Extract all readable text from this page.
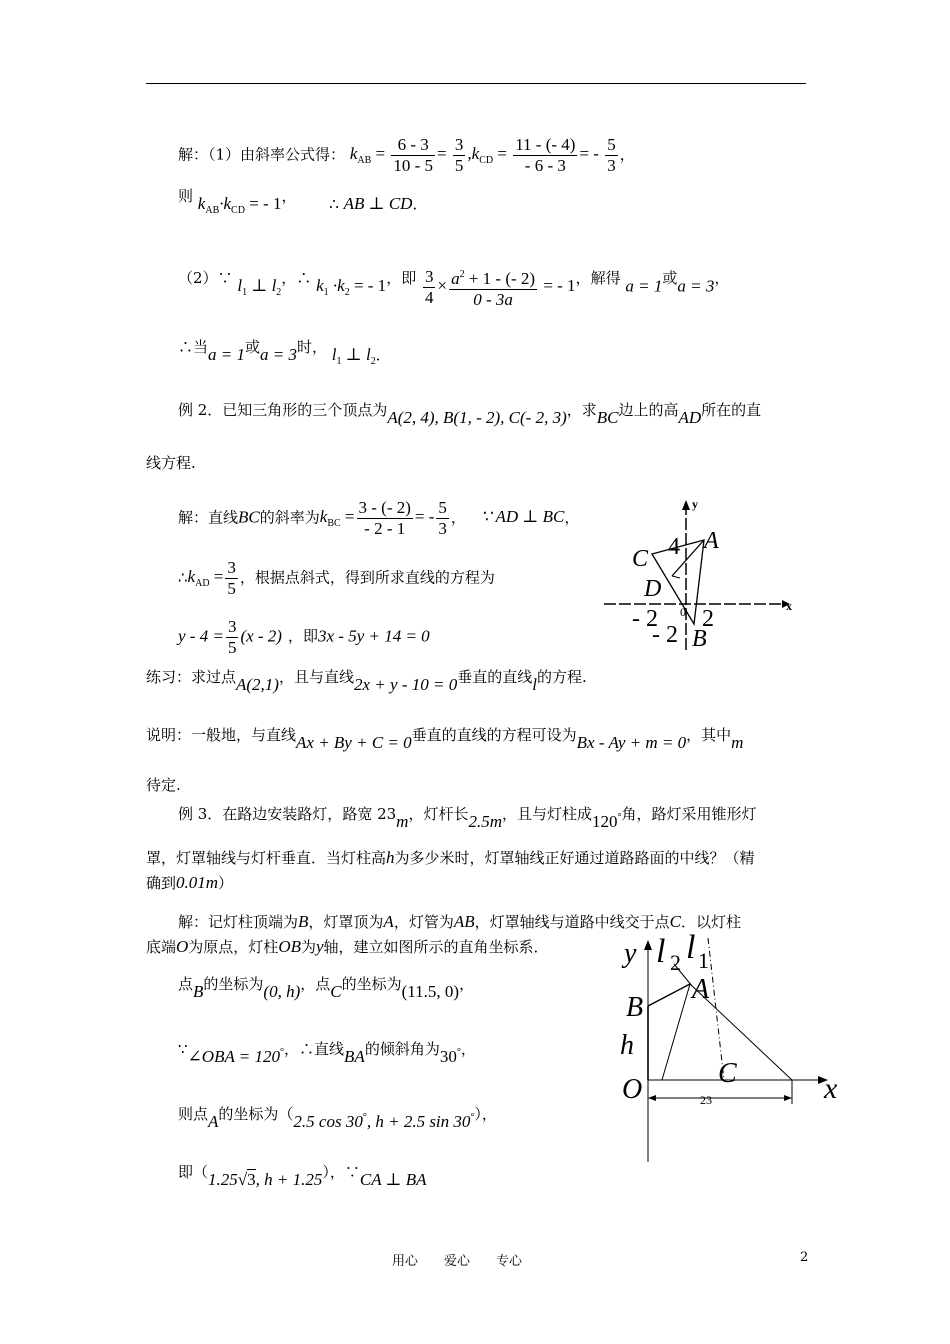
解：（1）由斜率公式得： $k_{AB} = \frac{6 - 3}{10 - 5} = \frac{3}{5} ,k_{CD} = \frac{11 - (- 4)}{- 6 - 3}$ = - $\frac{5}{3}$ ，
则 $k_{AB}\cdot k_{CD}$ = - 1， ∴ AB ⊥ CD．
（2）∵ $l_1$ ⊥ $l_2$，∴ $k_1 \cdot k_2$ = - 1，即 $\frac{3}{4} \times \frac{a^2 + 1 - (- 2)}{0 - 3a}$ = - 1，解得 a = 1或a = 3，
∴当a = 1或a = 3时， $l_1$ ⊥ $l_2$．
例 2．已知三角形的三个顶点为A(2, 4), B(1, - 2), C(- 2, 3)，求BC边上的高AD所在的直
线方程.
解：直线BC的斜率为$k_{BC} = \frac{3 - (- 2)}{- 2 - 1}$ = - $\frac{5}{3}$ ， ∵ AD ⊥ BC，
$\therefore k_{AD} = \frac{3}{5}$ ，根据点斜式，得到所求直线的方程为
$y - 4 = \frac{3}{5} (x - 2)$ ，即3x - 5y + 14 = 0
y
x
A
B
C
D
4
- 2 0 2
- 2
练习：求过点A(2,1)，且与直线2x + y - 10 = 0垂直的直线l的方程.
说明：一般地，与直线Ax + By + C = 0垂直的直线的方程可设为Bx - Ay + m = 0，其中m
待定.
例 3．在路边安装路灯，路宽 23m，灯杆长2.5m，且与灯柱成120°角，路灯采用锥形灯
罩，灯罩轴线与灯杆垂直．当灯柱高h为多少米时，灯罩轴线正好通过道路路面的中线？（精
确到0.01m）
解：记灯柱顶端为B，灯罩顶为A，灯管为AB，灯罩轴线与道路中线交于点C．以灯柱
底端O为原点，灯柱OB为y轴，建立如图所示的直角坐标系．
点B的坐标为(0, h)，点C的坐标为(11.5, 0)，
∵∠OBA = 120°，∴直线BA的倾斜角为30°，
则点A的坐标为（2.5 cos 30°, h + 2.5 sin 30°），
即（1.25√3, h + 1.25），∵CA ⊥ BA
y l 2 l 1
A
B
h
O
C	x
23
用心　　爱心　　专心	2
